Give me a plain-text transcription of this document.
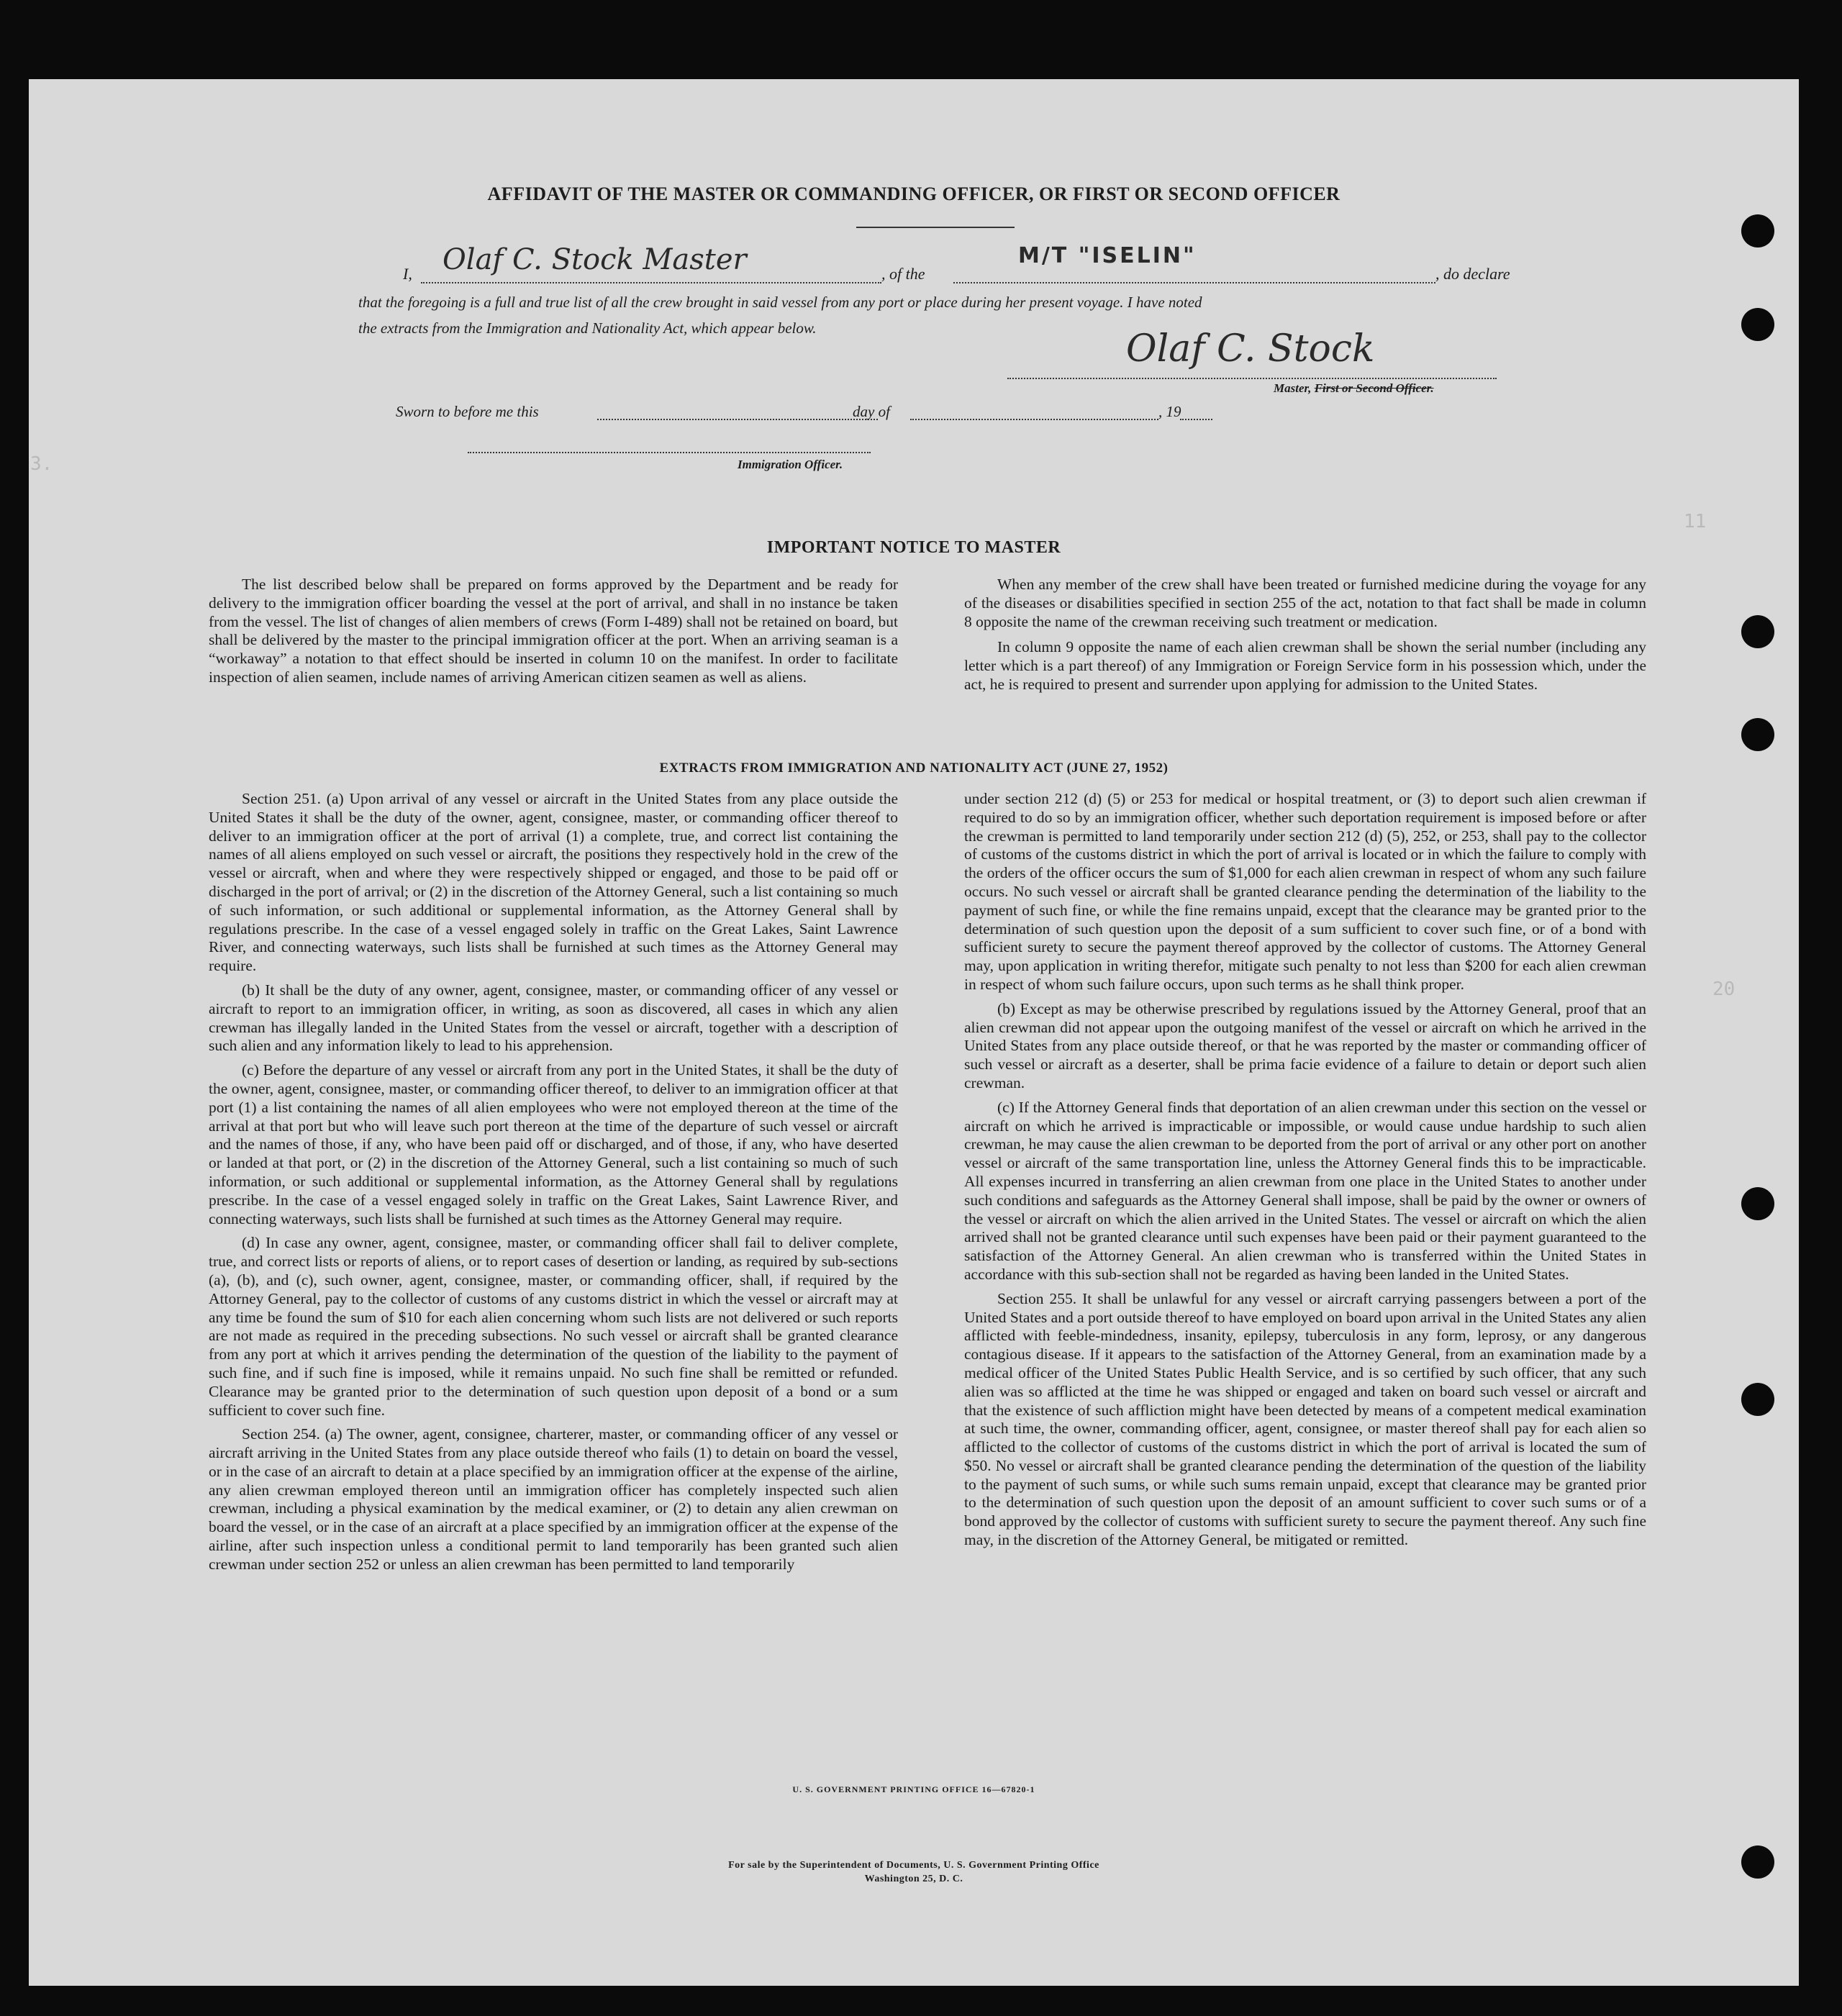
3.
11
20
AFFIDAVIT OF THE MASTER OR COMMANDING OFFICER, OR FIRST OR SECOND OFFICER
I, Olaf C. Stock Master	, of the
M/T "ISELIN"
, do declare
that the foregoing is a full and true list of all the crew brought in said vessel from any port or place during her present voyage. I have noted
the extracts from the Immigration and Nationality Act, which appear below.	Olaf C. Stock
Master, First or Second Officer.
Sworn to before me this	day of	, 19
Immigration Officer.
IMPORTANT NOTICE TO MASTER

The list described below shall be prepared on forms approved by the Department and be ready for delivery to the immigration officer boarding the vessel at the port of arrival, and shall in no instance be taken from the vessel. The list of changes of alien members of crews (Form I-489) shall not be retained on board, but shall be delivered by the master to the principal immigration officer at the port. When an arriving seaman is a “workaway” a notation to that effect should be inserted in column 10 on the manifest. In order to facilitate inspection of alien seamen, include names of arriving American citizen seamen as well as aliens.

When any member of the crew shall have been treated or furnished medicine during the voyage for any of the diseases or disabilities specified in section 255 of the act, notation to that fact shall be made in column 8 opposite the name of the crewman receiving such treatment or medication.

In column 9 opposite the name of each alien crewman shall be shown the serial number (including any letter which is a part thereof) of any Immigration or Foreign Service form in his possession which, under the act, he is required to present and surrender upon applying for admission to the United States.

EXTRACTS FROM IMMIGRATION AND NATIONALITY ACT (JUNE 27, 1952)

Section 251. (a) Upon arrival of any vessel or aircraft in the United States from any place outside the United States it shall be the duty of the owner, agent, consignee, master, or commanding officer thereof to deliver to an immigration officer at the port of arrival (1) a complete, true, and correct list containing the names of all aliens employed on such vessel or aircraft, the positions they respectively hold in the crew of the vessel or aircraft, when and where they were respectively shipped or engaged, and those to be paid off or discharged in the port of arrival; or (2) in the discretion of the Attorney General, such a list containing so much of such information, or such additional or supplemental information, as the Attorney General shall by regulations prescribe. In the case of a vessel engaged solely in traffic on the Great Lakes, Saint Lawrence River, and connecting waterways, such lists shall be furnished at such times as the Attorney General may require.

(b) It shall be the duty of any owner, agent, consignee, master, or commanding officer of any vessel or aircraft to report to an immigration officer, in writing, as soon as discovered, all cases in which any alien crewman has illegally landed in the United States from the vessel or aircraft, together with a description of such alien and any information likely to lead to his apprehension.

(c) Before the departure of any vessel or aircraft from any port in the United States, it shall be the duty of the owner, agent, consignee, master, or commanding officer thereof, to deliver to an immigration officer at that port (1) a list containing the names of all alien employees who were not employed thereon at the time of the arrival at that port but who will leave such port thereon at the time of the departure of such vessel or aircraft and the names of those, if any, who have been paid off or discharged, and of those, if any, who have deserted or landed at that port, or (2) in the discretion of the Attorney General, such a list containing so much of such information, or such additional or supplemental information, as the Attorney General shall by regulations prescribe. In the case of a vessel engaged solely in traffic on the Great Lakes, Saint Lawrence River, and connecting waterways, such lists shall be furnished at such times as the Attorney General may require.

(d) In case any owner, agent, consignee, master, or commanding officer shall fail to deliver complete, true, and correct lists or reports of aliens, or to report cases of desertion or landing, as required by sub-sections (a), (b), and (c), such owner, agent, consignee, master, or commanding officer, shall, if required by the Attorney General, pay to the collector of customs of any customs district in which the vessel or aircraft may at any time be found the sum of $10 for each alien concerning whom such lists are not delivered or such reports are not made as required in the preceding subsections. No such vessel or aircraft shall be granted clearance from any port at which it arrives pending the determination of the question of the liability to the payment of such fine, and if such fine is imposed, while it remains unpaid. No such fine shall be remitted or refunded. Clearance may be granted prior to the determination of such question upon deposit of a bond or a sum sufficient to cover such fine.

Section 254. (a) The owner, agent, consignee, charterer, master, or commanding officer of any vessel or aircraft arriving in the United States from any place outside thereof who fails (1) to detain on board the vessel, or in the case of an aircraft to detain at a place specified by an immigration officer at the expense of the airline, any alien crewman employed thereon until an immigration officer has completely inspected such alien crewman, including a physical examination by the medical examiner, or (2) to detain any alien crewman on board the vessel, or in the case of an aircraft at a place specified by an immigration officer at the expense of the airline, after such inspection unless a conditional permit to land temporarily has been granted such alien crewman under section 252 or unless an alien crewman has been permitted to land temporarily

under section 212 (d) (5) or 253 for medical or hospital treatment, or (3) to deport such alien crewman if required to do so by an immigration officer, whether such deportation requirement is imposed before or after the crewman is permitted to land temporarily under section 212 (d) (5), 252, or 253, shall pay to the collector of customs of the customs district in which the port of arrival is located or in which the failure to comply with the orders of the officer occurs the sum of $1,000 for each alien crewman in respect of whom any such failure occurs. No such vessel or aircraft shall be granted clearance pending the determination of the liability to the payment of such fine, or while the fine remains unpaid, except that the clearance may be granted prior to the determination of such question upon the deposit of a sum sufficient to cover such fine, or of a bond with sufficient surety to secure the payment thereof approved by the collector of customs. The Attorney General may, upon application in writing therefor, mitigate such penalty to not less than $200 for each alien crewman in respect of whom such failure occurs, upon such terms as he shall think proper.

(b) Except as may be otherwise prescribed by regulations issued by the Attorney General, proof that an alien crewman did not appear upon the outgoing manifest of the vessel or aircraft on which he arrived in the United States from any place outside thereof, or that he was reported by the master or commanding officer of such vessel or aircraft as a deserter, shall be prima facie evidence of a failure to detain or deport such alien crewman.

(c) If the Attorney General finds that deportation of an alien crewman under this section on the vessel or aircraft on which he arrived is impracticable or impossible, or would cause undue hardship to such alien crewman, he may cause the alien crewman to be deported from the port of arrival or any other port on another vessel or aircraft of the same transportation line, unless the Attorney General finds this to be impracticable. All expenses incurred in transferring an alien crewman from one place in the United States to another under such conditions and safeguards as the Attorney General shall impose, shall be paid by the owner or owners of the vessel or aircraft on which the alien arrived in the United States. The vessel or aircraft on which the alien arrived shall not be granted clearance until such expenses have been paid or their payment guaranteed to the satisfaction of the Attorney General. An alien crewman who is transferred within the United States in accordance with this sub-section shall not be regarded as having been landed in the United States.

Section 255. It shall be unlawful for any vessel or aircraft carrying passengers between a port of the United States and a port outside thereof to have employed on board upon arrival in the United States any alien afflicted with feeble-mindedness, insanity, epilepsy, tuberculosis in any form, leprosy, or any dangerous contagious disease. If it appears to the satisfaction of the Attorney General, from an examination made by a medical officer of the United States Public Health Service, and is so certified by such officer, that any such alien was so afflicted at the time he was shipped or engaged and taken on board such vessel or aircraft and that the existence of such affliction might have been detected by means of a competent medical examination at such time, the owner, commanding officer, agent, consignee, or master thereof shall pay for each alien so afflicted to the collector of customs of the customs district in which the port of arrival is located the sum of $50. No vessel or aircraft shall be granted clearance pending the determination of the question of the liability to the payment of such sums, or while such sums remain unpaid, except that clearance may be granted prior to the determination of such question upon the deposit of an amount sufficient to cover such sums or of a bond approved by the collector of customs with sufficient surety to secure the payment thereof. Any such fine may, in the discretion of the Attorney General, be mitigated or remitted.

U. S. GOVERNMENT PRINTING OFFICE 16—67820-1
For sale by the Superintendent of Documents, U. S. Government Printing Office
Washington 25, D. C.
